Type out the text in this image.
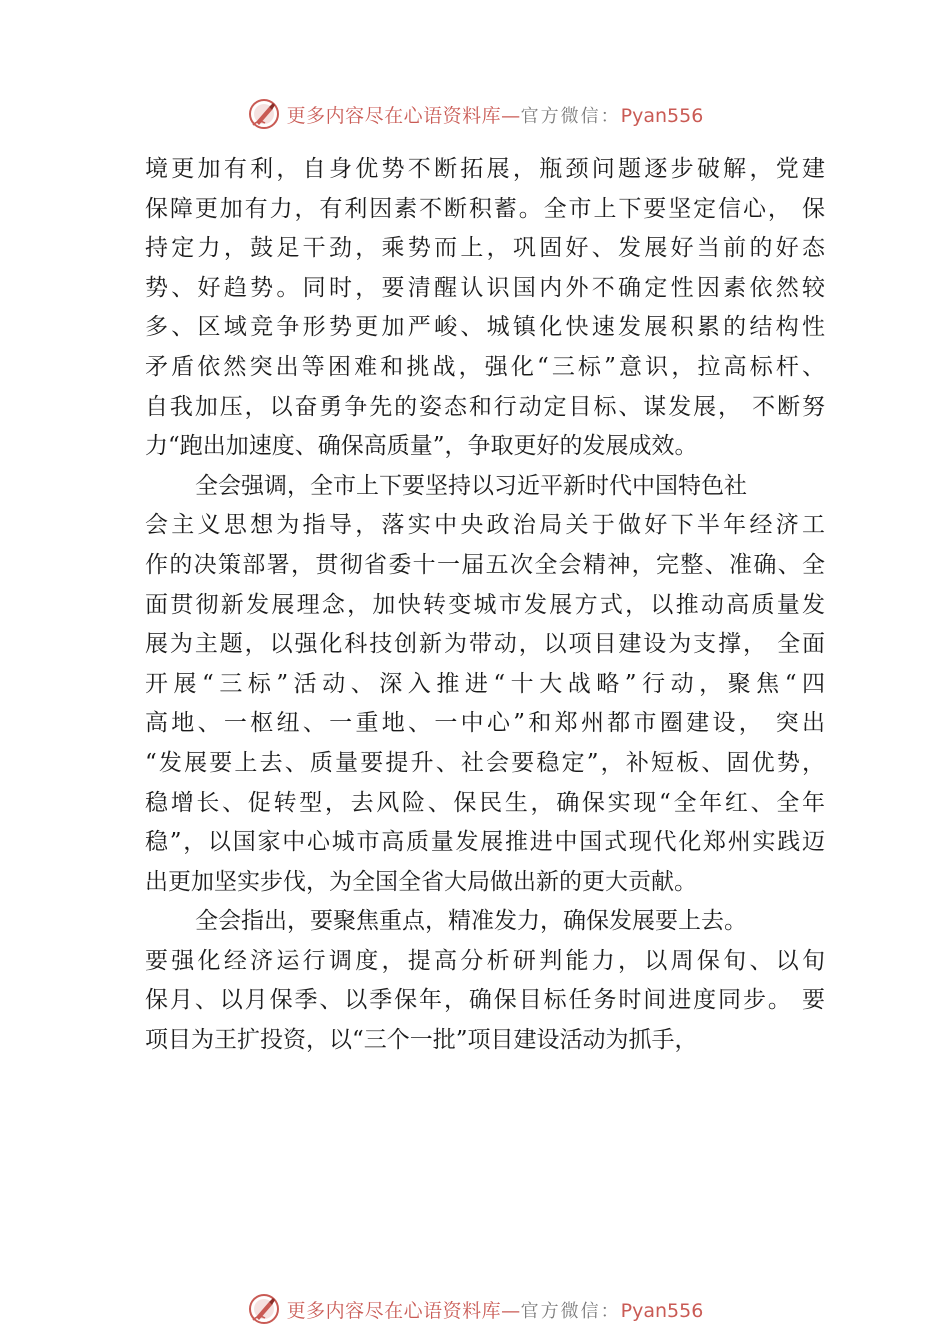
更多内容尽在心语资料库—官方微信：Pyan556
境更加有利，自身优势不断拓展，瓶颈问题逐步破解，党建
保障更加有力，有利因素不断积蓄。全市上下要坚定信心， 保
持定力，鼓足干劲，乘势而上，巩固好、发展好当前的好态
势、好趋势。同时，要清醒认识国内外不确定性因素依然较
多、区域竞争形势更加严峻、城镇化快速发展积累的结构性
矛盾依然突出等困难和挑战，强化“三标”意识，拉高标杆、
自我加压，以奋勇争先的姿态和行动定目标、谋发展， 不断努
力“跑出加速度、确保高质量”，争取更好的发展成效。
全会强调，全市上下要坚持以习近平新时代中国特色社
会主义思想为指导，落实中央政治局关于做好下半年经济工
作的决策部署，贯彻省委十一届五次全会精神，完整、准确、全
面贯彻新发展理念，加快转变城市发展方式，以推动高质量发
展为主题，以强化科技创新为带动，以项目建设为支撑， 全面
开展“三标”活动、深入推进“十大战略”行动，聚焦“四
高地、一枢纽、一重地、一中心”和郑州都市圈建设， 突出
“发展要上去、质量要提升、社会要稳定”，补短板、固优势，
稳增长、促转型，去风险、保民生，确保实现“全年红、全年
稳”，以国家中心城市高质量发展推进中国式现代化郑州实践迈
出更加坚实步伐，为全国全省大局做出新的更大贡献。
全会指出，要聚焦重点，精准发力，确保发展要上去。
要强化经济运行调度，提高分析研判能力，以周保旬、以旬
保月、以月保季、以季保年，确保目标任务时间进度同步。 要
项目为王扩投资，以“三个一批”项目建设活动为抓手，
更多内容尽在心语资料库—官方微信：Pyan556
